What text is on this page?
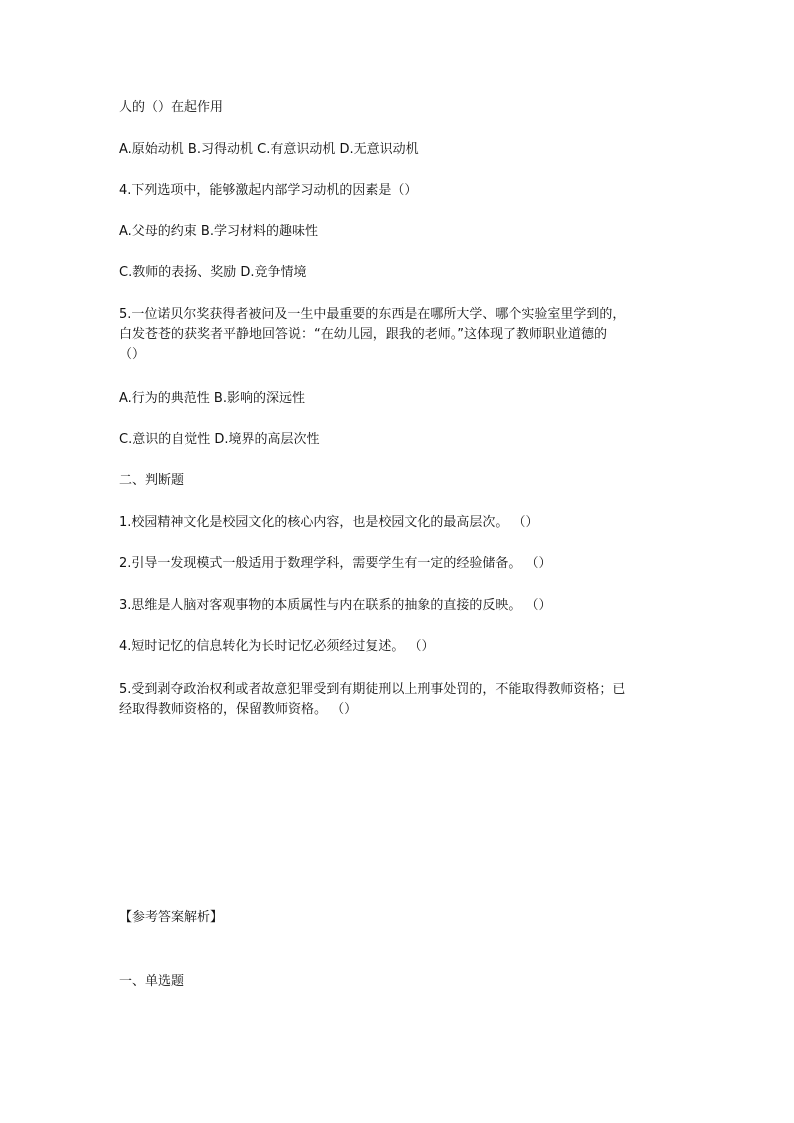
人的（）在起作用
A.原始动机 B.习得动机 C.有意识动机 D.无意识动机
4.下列选项中，能够激起内部学习动机的因素是（）
A.父母的约束 B.学习材料的趣味性
C.教师的表扬、奖励 D.竞争情境
5.一位诺贝尔奖获得者被问及一生中最重要的东西是在哪所大学、哪个实验室里学到的，
白发苍苍的获奖者平静地回答说：“在幼儿园，跟我的老师。”这体现了教师职业道德的
（）
A.行为的典范性 B.影响的深远性
C.意识的自觉性 D.境界的高层次性
二、判断题
1.校园精神文化是校园文化的核心内容，也是校园文化的最高层次。 （）
2.引导一发现模式一般适用于数理学科，需要学生有一定的经验储备。 （）
3.思维是人脑对客观事物的本质属性与内在联系的抽象的直接的反映。 （）
4.短时记忆的信息转化为长时记忆必须经过复述。 （）
5.受到剥夺政治权利或者故意犯罪受到有期徒刑以上刑事处罚的，不能取得教师资格；已
经取得教师资格的，保留教师资格。 （）
【参考答案解析】
一、单选题
